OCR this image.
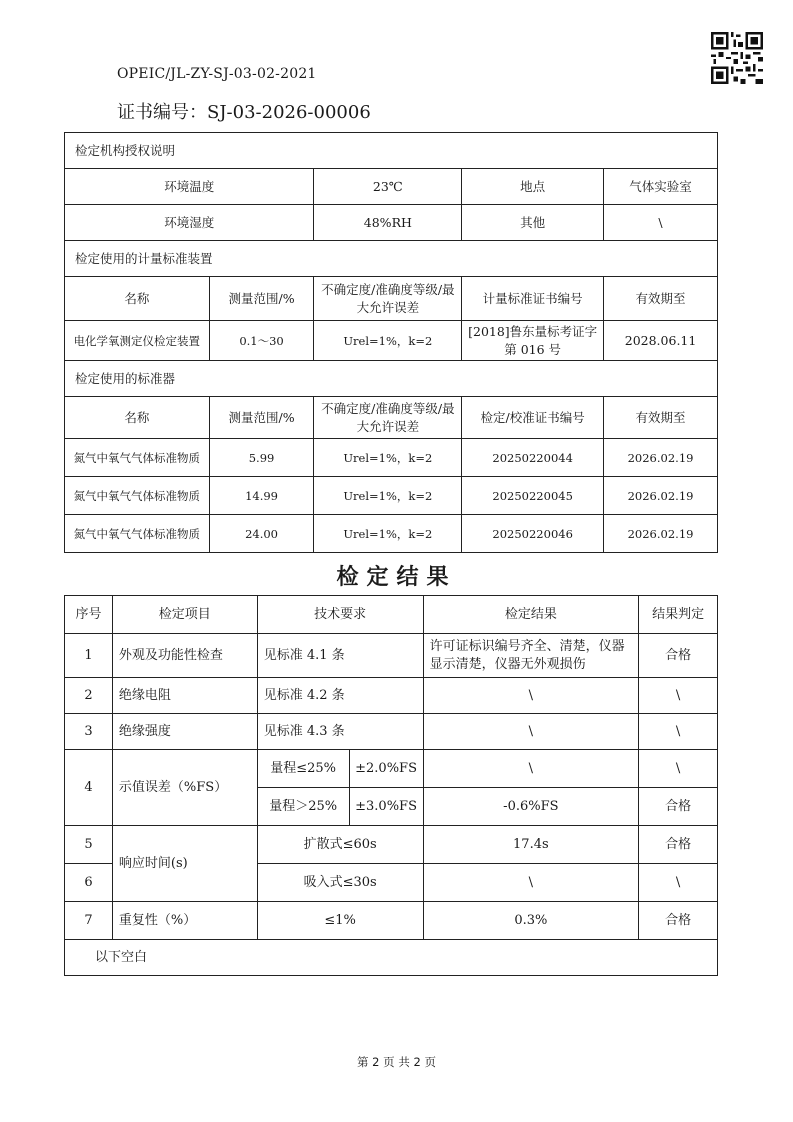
OPEIC/JL-ZY-SJ-03-02-2021
证书编号：SJ-03-2026-00006
检定机构授权说明				
环境温度		23℃	地点	气体实验室
环境湿度		48%RH	其他	\
检定使用的计量标准装置				
名称	测量范围/%	不确定度/准确度等级/最大允许误差	计量标准证书编号	有效期至
电化学氧测定仪检定装置	0.1～30	Urel=1%，k=2	[2018]鲁东量标考证字第 016 号	2028.06.11
检定使用的标准器				
名称	测量范围/%	不确定度/准确度等级/最大允许误差	检定/校准证书编号	有效期至
氮气中氧气气体标准物质	5.99	Urel=1%，k=2	20250220044	2026.02.19
氮气中氧气气体标准物质	14.99	Urel=1%，k=2	20250220045	2026.02.19
氮气中氧气气体标准物质	24.00	Urel=1%，k=2	20250220046	2026.02.19
检定结果
序号	检定项目	技术要求		检定结果	结果判定
1	外观及功能性检查	见标准 4.1 条		许可证标识编号齐全、清楚，仪器显示清楚，仪器无外观损伤	合格
2	绝缘电阻	见标准 4.2 条		\	\
3	绝缘强度	见标准 4.3 条		\	\
4	示值误差（%FS）	量程≤25%	±2.0%FS	\	\
		量程＞25%	±3.0%FS	-0.6%FS	合格
5	响应时间(s)	扩散式≤60s		17.4s	合格
6		吸入式≤30s		\	\
7	重复性（%）	≤1%		0.3%	合格
以下空白					
第 2 页 共 2 页
